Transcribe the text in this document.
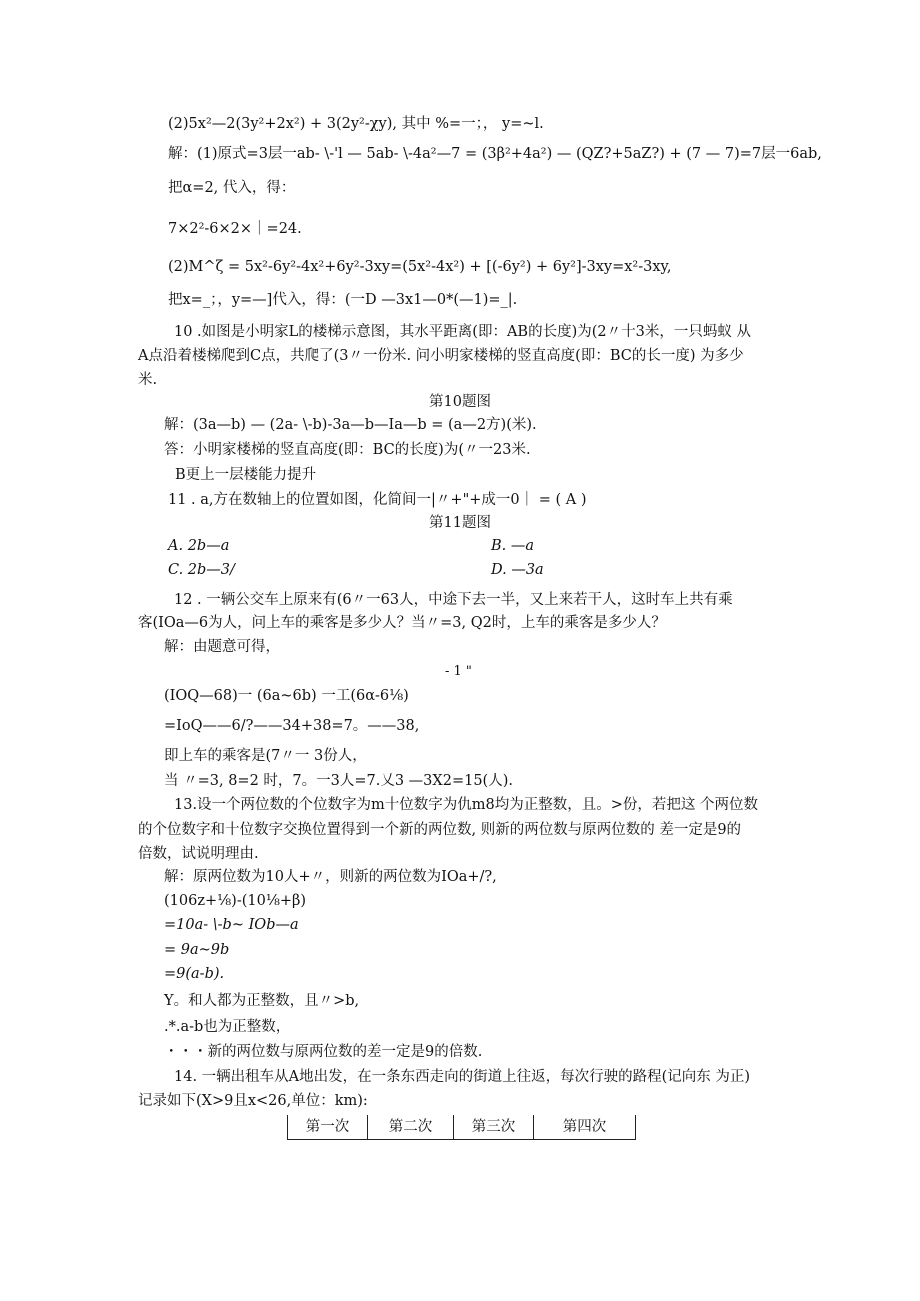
(2)5x²—2(3y²+2x²) + 3(2y²-χy), 其中 %=一；， y=~l.
解：(1)原式=3层一ab- \-'l — 5ab- \-4a²—7 = (3β²+4a²) — (QZ?+5aZ?) + (7 — 7)=7层一6ab,
把α=2, 代入，得：
7×2²-6×2×｜=24.
(2)M^ζ = 5x²-6y²-4x²+6y²-3xy=(5x²-4x²) + [(-6y²) + 6y²]-3xy=x²-3xy,
把x=_；，y=—]代入，得：(一D —3x1—0*(—1)=_|.
10 .如图是小明家L的楼梯示意图，其水平距离(即：AB的长度)为(2〃十3米，一只蚂蚁 从
A点沿着楼梯爬到C点，共爬了(3〃一份米. 问小明家楼梯的竖直高度(即：BC的长一度) 为多少
米.
第10题图
解：(3a—b) — (2a- \-b)-3a—b—Ia—b = (a—2方)(米).
答：小明家楼梯的竖直高度(即：BC的长度)为(〃一23米.
B更上一层楼能力提升
11 . a,方在数轴上的位置如图，化简间一|〃+"+成一0｜ = ( A )
第11题图
A. 2b—a	B. —a
C. 2b—3/	D. —3a
12 . 一辆公交车上原来有(6〃一63人，中途下去一半，又上来若干人，这时车上共有乘
客(IOa—6为人，问上车的乘客是多少人？当〃=3, Q2时，上车的乘客是多少人？
解：由题意可得，
- 1 "
(IOQ—68)一 (6a~6b) 一工(6α-6⅛)
=IoQ——6/?——34+38=7。——38,
即上车的乘客是(7〃一 3份人，
当 〃=3, 8=2 时，7。一3人=7.乂3 —3X2=15(人).
13.设一个两位数的个位数字为m十位数字为仇m8均为正整数，且。>份，若把这 个两位数
的个位数字和十位数字交换位置得到一个新的两位数, 则新的两位数与原两位数的 差一定是9的
倍数，试说明理由.
解：原两位数为10人+〃，则新的两位数为IOa+/?,
(106z+⅛)-(10⅛+β)
=10a- \-b~ IOb—a
= 9a~9b
=9(a-b).
Y。和人都为正整数，且〃>b,
.*.a-b也为正整数，
・・・新的两位数与原两位数的差一定是9的倍数.
14. 一辆出租车从A地出发，在一条东西走向的街道上往返，每次行驶的路程(记向东 为正)
记录如下(X>9且x<26,单位：km):
第一次	第二次	第三次	第四次
